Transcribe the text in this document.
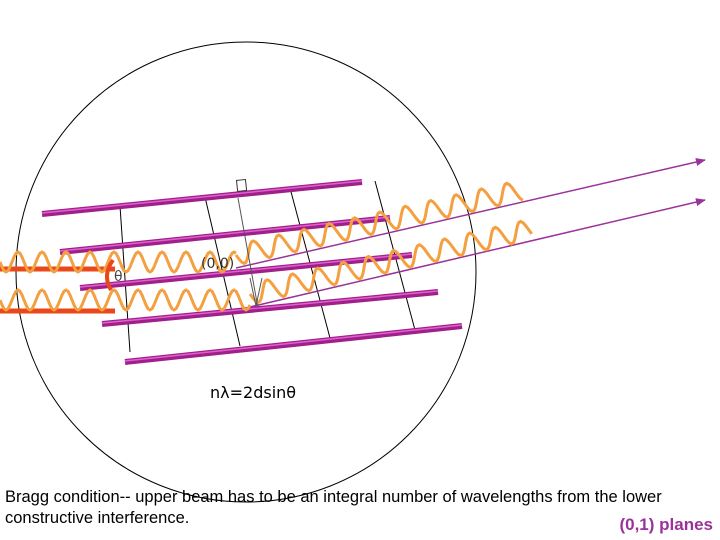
(0,0)
θ
nλ=2dsinθ
Bragg condition-- upper beam has to be an integral number of wavelengths from the lower
constructive interference.	(0,1) planes
